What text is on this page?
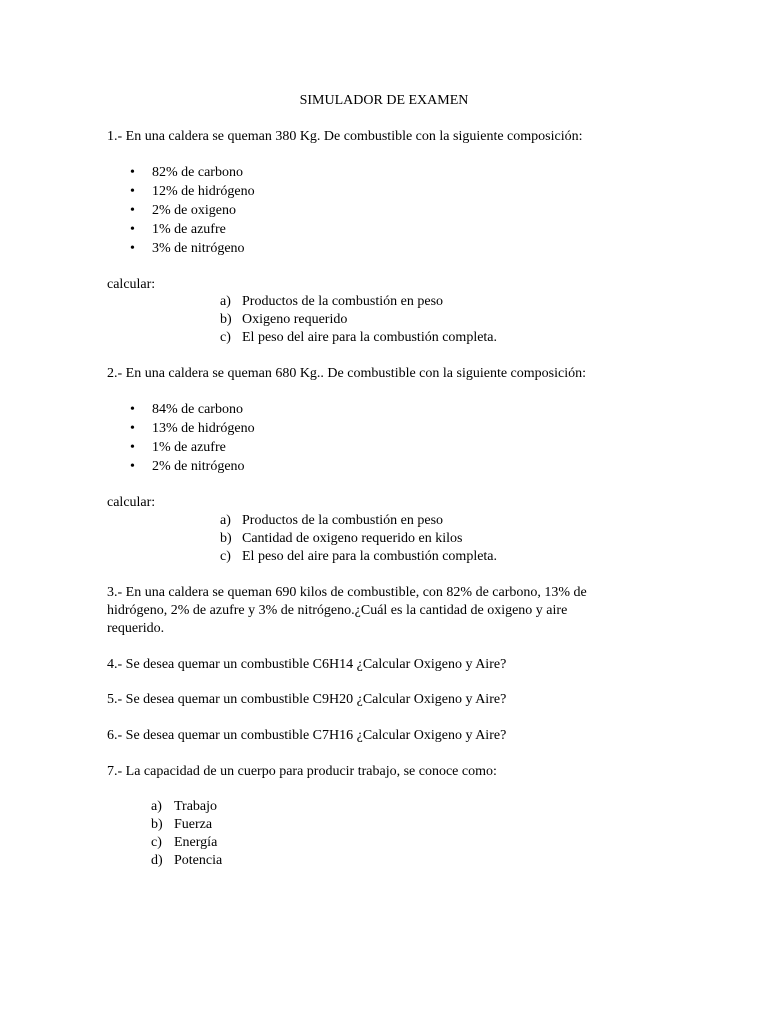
SIMULADOR DE EXAMEN
1.- En una caldera se queman 380 Kg. De combustible con la siguiente composición:
• 82% de carbono
• 12% de hidrógeno
• 2% de oxigeno
• 1% de azufre
• 3% de nitrógeno
calcular:
a) Productos de la combustión en peso
b) Oxigeno requerido
c) El peso del aire para la combustión completa.
2.- En una caldera se queman 680 Kg.. De combustible con la siguiente composición:
• 84% de carbono
• 13% de hidrógeno
• 1% de azufre
• 2% de nitrógeno
calcular:
a) Productos de la combustión en peso
b) Cantidad de oxigeno requerido en kilos
c) El peso del aire para la combustión completa.
3.- En una caldera se queman 690 kilos de combustible, con 82% de carbono, 13% de
hidrógeno, 2% de azufre y 3% de nitrógeno.¿Cuál es la cantidad de oxigeno y aire
requerido.
4.- Se desea quemar un combustible C6H14 ¿Calcular Oxigeno y Aire?
5.- Se desea quemar un combustible C9H20 ¿Calcular Oxigeno y Aire?
6.- Se desea quemar un combustible C7H16 ¿Calcular Oxigeno y Aire?
7.- La capacidad de un cuerpo para producir trabajo, se conoce como:
a) Trabajo
b) Fuerza
c) Energía
d) Potencia
